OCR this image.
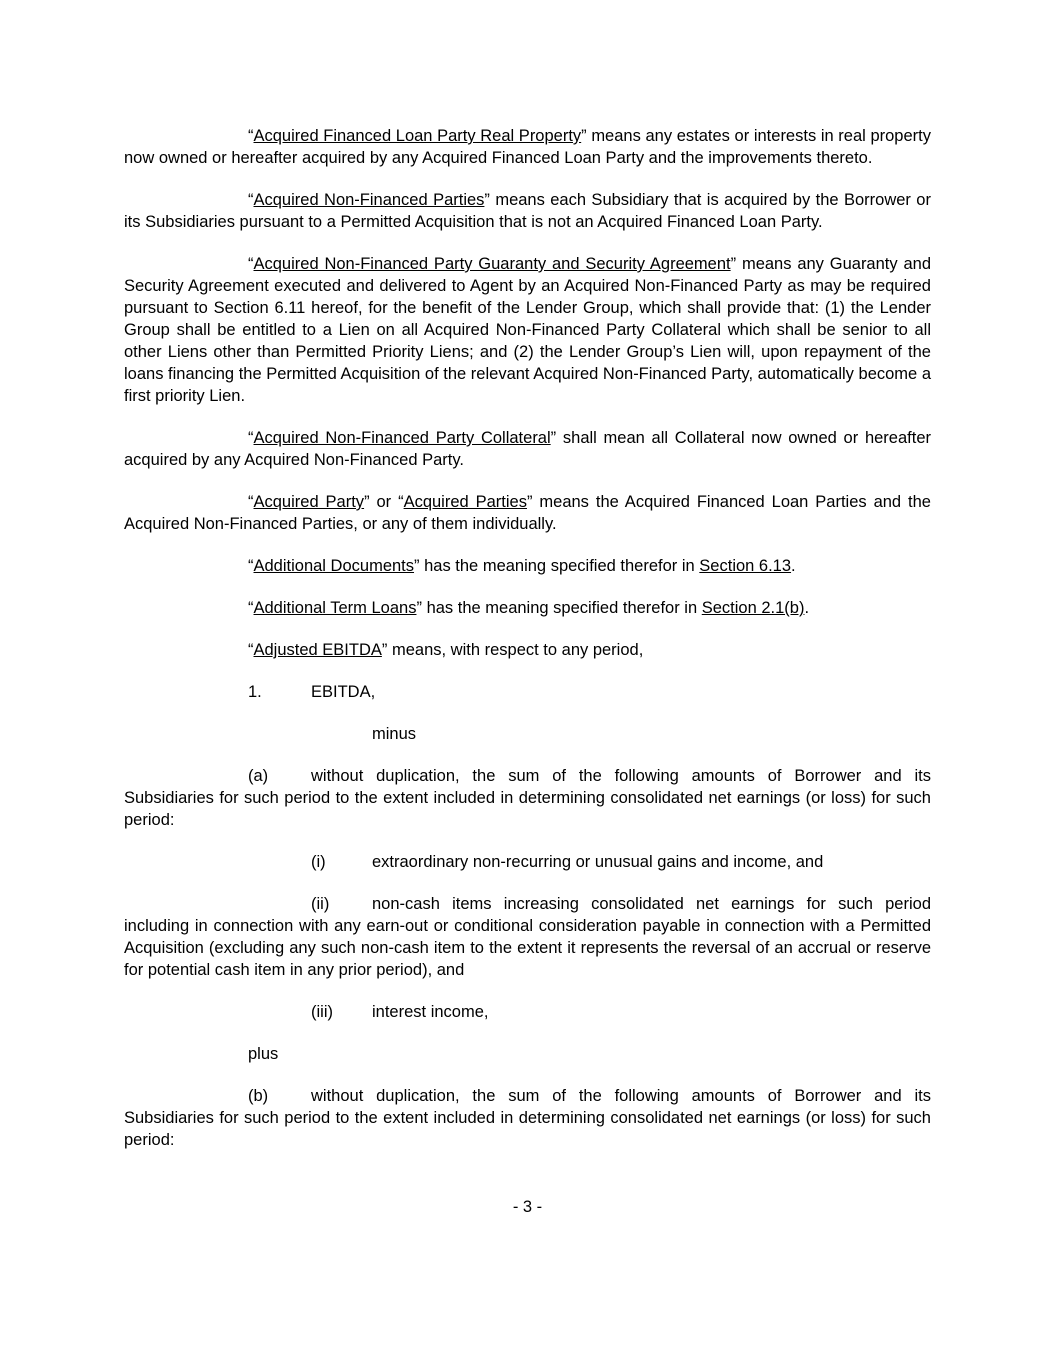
“Acquired Financed Loan Party Real Property” means any estates or interests in real property now owned or hereafter acquired by any Acquired Financed Loan Party and the improvements thereto.

“Acquired Non-Financed Parties” means each Subsidiary that is acquired by the Borrower or its Subsidiaries pursuant to a Permitted Acquisition that is not an Acquired Financed Loan Party.

“Acquired Non-Financed Party Guaranty and Security Agreement” means any Guaranty and Security Agreement executed and delivered to Agent by an Acquired Non-Financed Party as may be required pursuant to Section 6.11 hereof, for the benefit of the Lender Group, which shall provide that: (1) the Lender Group shall be entitled to a Lien on all Acquired Non-Financed Party Collateral which shall be senior to all other Liens other than Permitted Priority Liens; and (2) the Lender Group’s Lien will, upon repayment of the loans financing the Permitted Acquisition of the relevant Acquired Non-Financed Party, automatically become a first priority Lien.

“Acquired Non-Financed Party Collateral” shall mean all Collateral now owned or hereafter acquired by any Acquired Non-Financed Party.

“Acquired Party” or “Acquired Parties” means the Acquired Financed Loan Parties and the Acquired Non-Financed Parties, or any of them individually.

“Additional Documents” has the meaning specified therefor in Section 6.13.

“Additional Term Loans” has the meaning specified therefor in Section 2.1(b).

“Adjusted EBITDA” means, with respect to any period,

1.	EBITDA,
minus

(a)	without duplication, the sum of the following amounts of Borrower and its Subsidiaries for such period to the extent included in determining consolidated net earnings (or loss) for such period:

(i)	extraordinary non-recurring or unusual gains and income, and

(ii)	non-cash items increasing consolidated net earnings for such period including in connection with any earn-out or conditional consideration payable in connection with a Permitted Acquisition (excluding any such non-cash item to the extent it represents the reversal of an accrual or reserve for potential cash item in any prior period), and

(iii) interest income,
plus

(b)	without duplication, the sum of the following amounts of Borrower and its Subsidiaries for such period to the extent included in determining consolidated net earnings (or loss) for such period:

- 3 -
